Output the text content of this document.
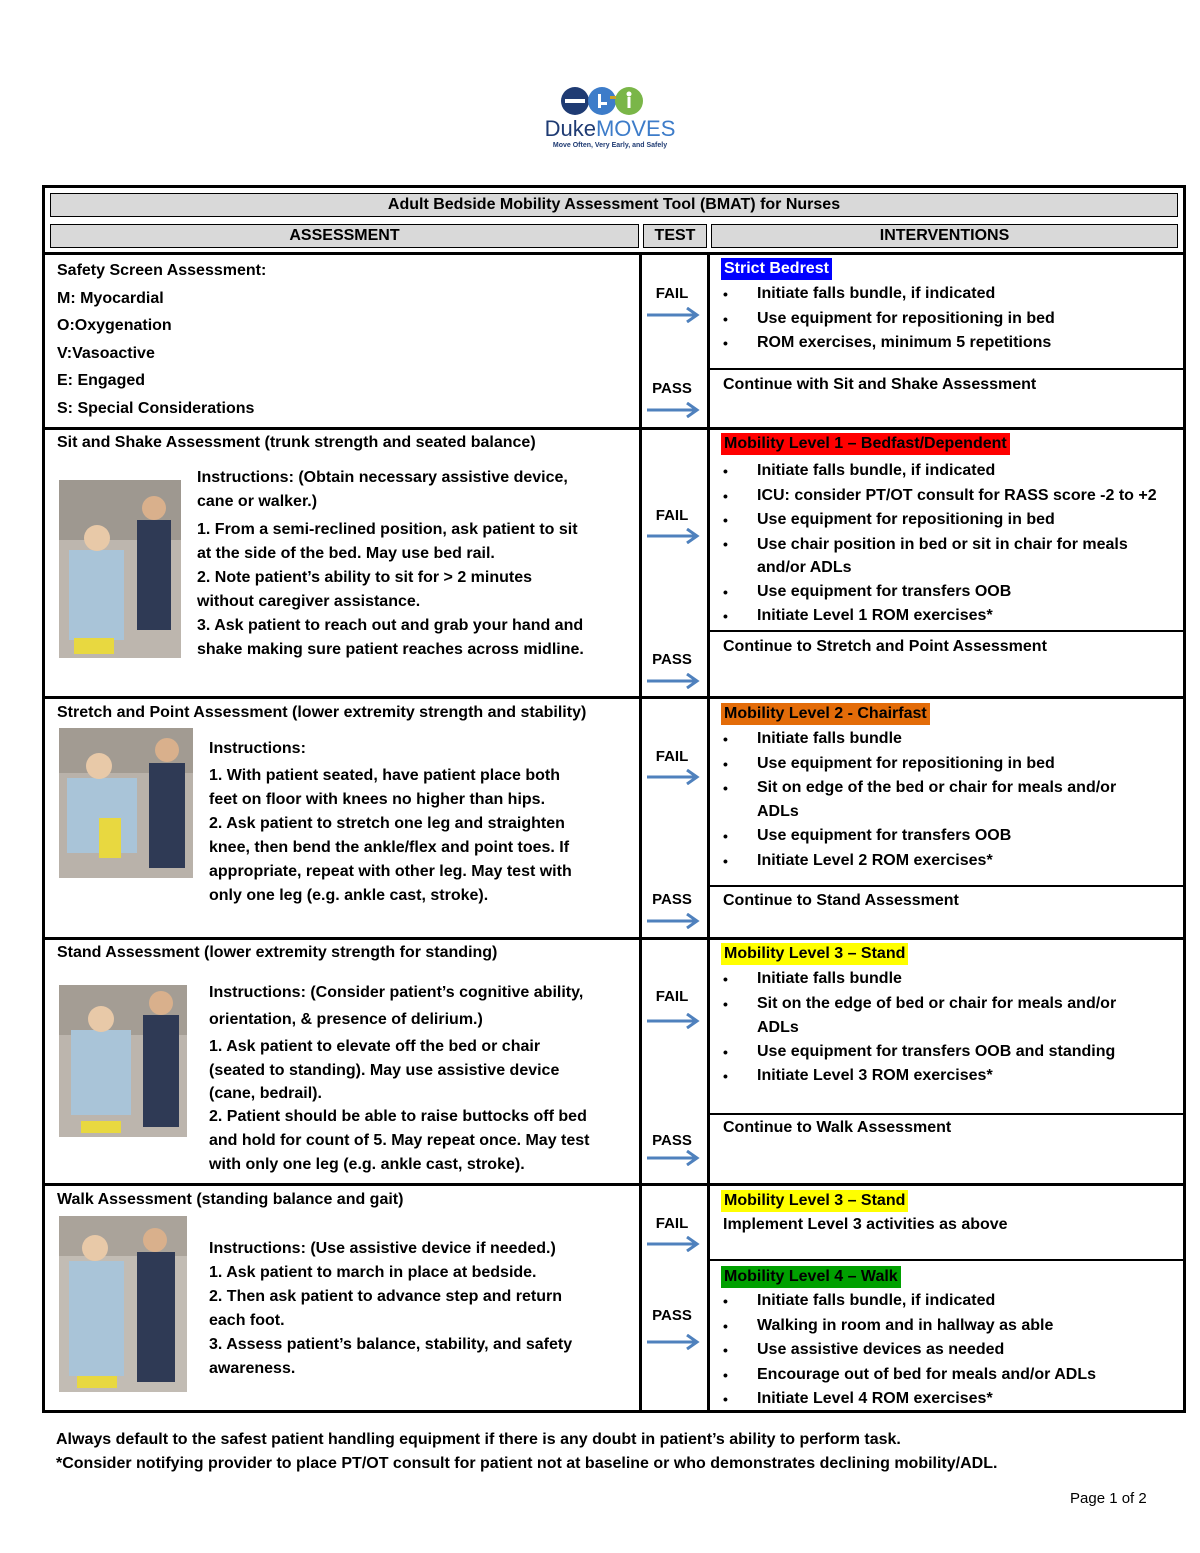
DukeMOVES
Move Often, Very Early, and Safely
Adult Bedside Mobility Assessment Tool (BMAT) for Nurses
ASSESSMENT	TEST	INTERVENTIONS
Safety Screen Assessment:
M: Myocardial
O:Oxygenation
V:Vasoactive
E: Engaged
S: Special Considerations
FAIL
PASS
Strict Bedrest
• Initiate falls bundle, if indicated
• Use equipment for repositioning in bed
• ROM exercises, minimum 5 repetitions
Continue with Sit and Shake Assessment
Sit and Shake Assessment (trunk strength and seated balance)
Instructions: (Obtain necessary assistive device,
cane or walker.)
1. From a semi-reclined position, ask patient to sit
at the side of the bed. May use bed rail.
2. Note patient’s ability to sit for > 2 minutes
without caregiver assistance.
3. Ask patient to reach out and grab your hand and
shake making sure patient reaches across midline.
FAIL
PASS
Mobility Level 1 – Bedfast/Dependent
• Initiate falls bundle, if indicated
• ICU: consider PT/OT consult for RASS score -2 to +2
• Use equipment for repositioning in bed
• Use chair position in bed or sit in chair for meals and/or ADLs
• Use equipment for transfers OOB
• Initiate Level 1 ROM exercises*
Continue to Stretch and Point Assessment
Stretch and Point Assessment (lower extremity strength and stability)
Instructions:
1. With patient seated, have patient place both
feet on floor with knees no higher than hips.
2. Ask patient to stretch one leg and straighten
knee, then bend the ankle/flex and point toes. If
appropriate, repeat with other leg. May test with
only one leg (e.g. ankle cast, stroke).
FAIL
PASS
Mobility Level 2 - Chairfast
• Initiate falls bundle
• Use equipment for repositioning in bed
• Sit on edge of the bed or chair for meals and/or ADLs
• Use equipment for transfers OOB
• Initiate Level 2 ROM exercises*
Continue to Stand Assessment
Stand Assessment (lower extremity strength for standing)
Instructions: (Consider patient’s cognitive ability,
orientation, & presence of delirium.)
1. Ask patient to elevate off the bed or chair
(seated to standing). May use assistive device
(cane, bedrail).
2. Patient should be able to raise buttocks off bed
and hold for count of 5. May repeat once. May test
with only one leg (e.g. ankle cast, stroke).
FAIL
PASS
Mobility Level 3 – Stand
• Initiate falls bundle
• Sit on the edge of bed or chair for meals and/or ADLs
• Use equipment for transfers OOB and standing
• Initiate Level 3 ROM exercises*
Continue to Walk Assessment
Walk Assessment (standing balance and gait)
Instructions: (Use assistive device if needed.)
1. Ask patient to march in place at bedside.
2. Then ask patient to advance step and return
each foot.
3. Assess patient’s balance, stability, and safety
awareness.
FAIL
PASS
Mobility Level 3 – Stand
Implement Level 3 activities as above
Mobility Level 4 – Walk
• Initiate falls bundle, if indicated
• Walking in room and in hallway as able
• Use assistive devices as needed
• Encourage out of bed for meals and/or ADLs
• Initiate Level 4 ROM exercises*
Always default to the safest patient handling equipment if there is any doubt in patient’s ability to perform task.
*Consider notifying provider to place PT/OT consult for patient not at baseline or who demonstrates declining mobility/ADL.
Page 1 of 2
